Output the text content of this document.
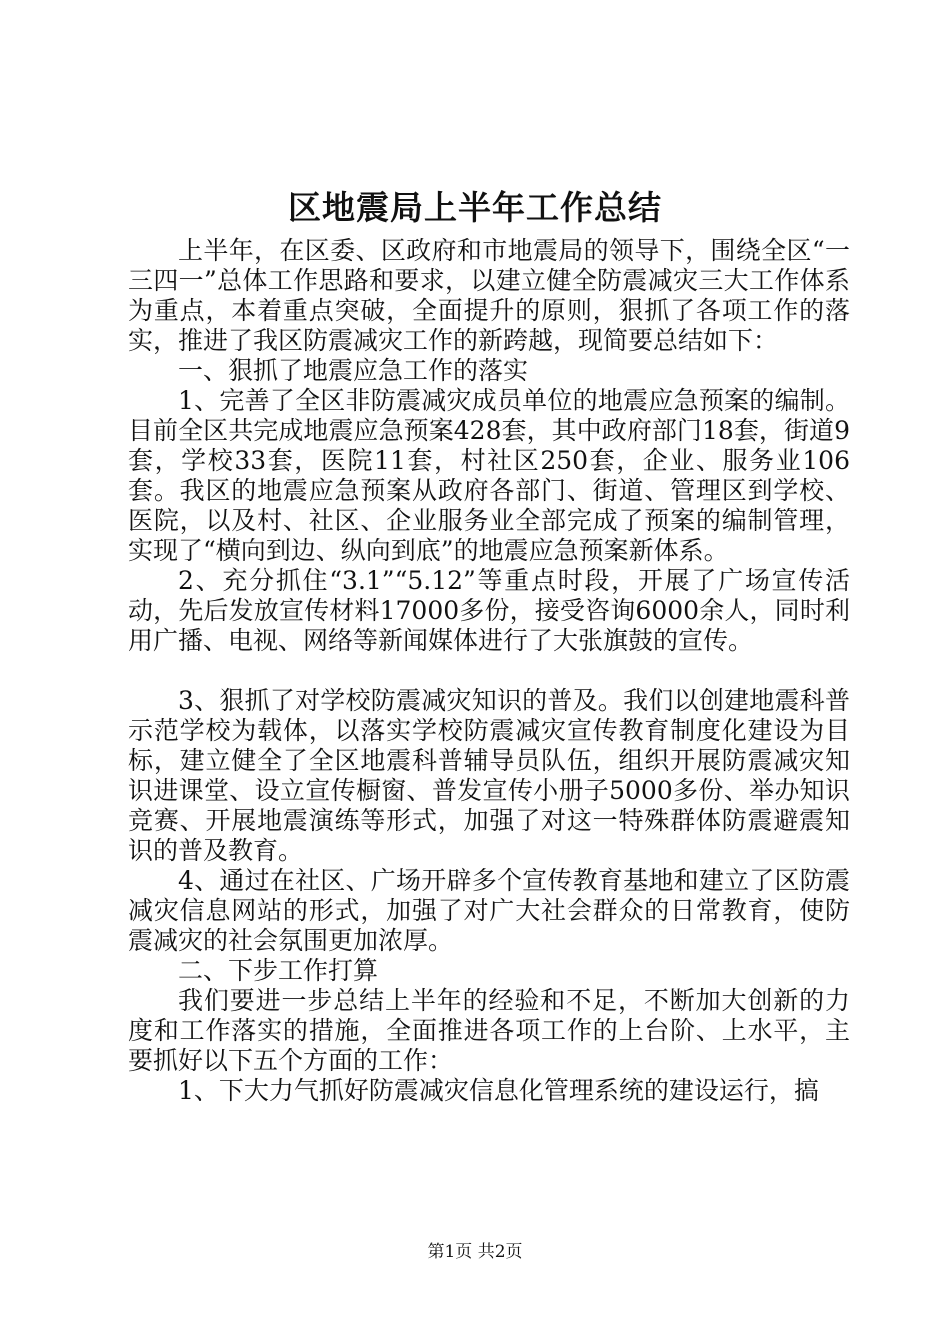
区地震局上半年工作总结

上半年，在区委、区政府和市地震局的领导下，围绕全区“一三四一”总体工作思路和要求，以建立健全防震减灾三大工作体系为重点，本着重点突破，全面提升的原则，狠抓了各项工作的落实，推进了我区防震减灾工作的新跨越，现简要总结如下：

一、狠抓了地震应急工作的落实

1、完善了全区非防震减灾成员单位的地震应急预案的编制。目前全区共完成地震应急预案428套，其中政府部门18套，街道9套，学校33套，医院11套，村社区250套，企业、服务业106套。我区的地震应急预案从政府各部门、街道、管理区到学校、医院，以及村、社区、企业服务业全部完成了预案的编制管理，实现了“横向到边、纵向到底”的地震应急预案新体系。

2、充分抓住“3.1”“5.12”等重点时段，开展了广场宣传活动，先后发放宣传材料17000多份，接受咨询6000余人，同时利用广播、电视、网络等新闻媒体进行了大张旗鼓的宣传。

3、狠抓了对学校防震减灾知识的普及。我们以创建地震科普示范学校为载体，以落实学校防震减灾宣传教育制度化建设为目标，建立健全了全区地震科普辅导员队伍，组织开展防震减灾知识进课堂、设立宣传橱窗、普发宣传小册子5000多份、举办知识竞赛、开展地震演练等形式，加强了对这一特殊群体防震避震知识的普及教育。

4、通过在社区、广场开辟多个宣传教育基地和建立了区防震减灾信息网站的形式，加强了对广大社会群众的日常教育，使防震减灾的社会氛围更加浓厚。

二、下步工作打算

我们要进一步总结上半年的经验和不足，不断加大创新的力度和工作落实的措施，全面推进各项工作的上台阶、上水平，主要抓好以下五个方面的工作：

1、下大力气抓好防震减灾信息化管理系统的建设运行，搞

第1页 共2页
